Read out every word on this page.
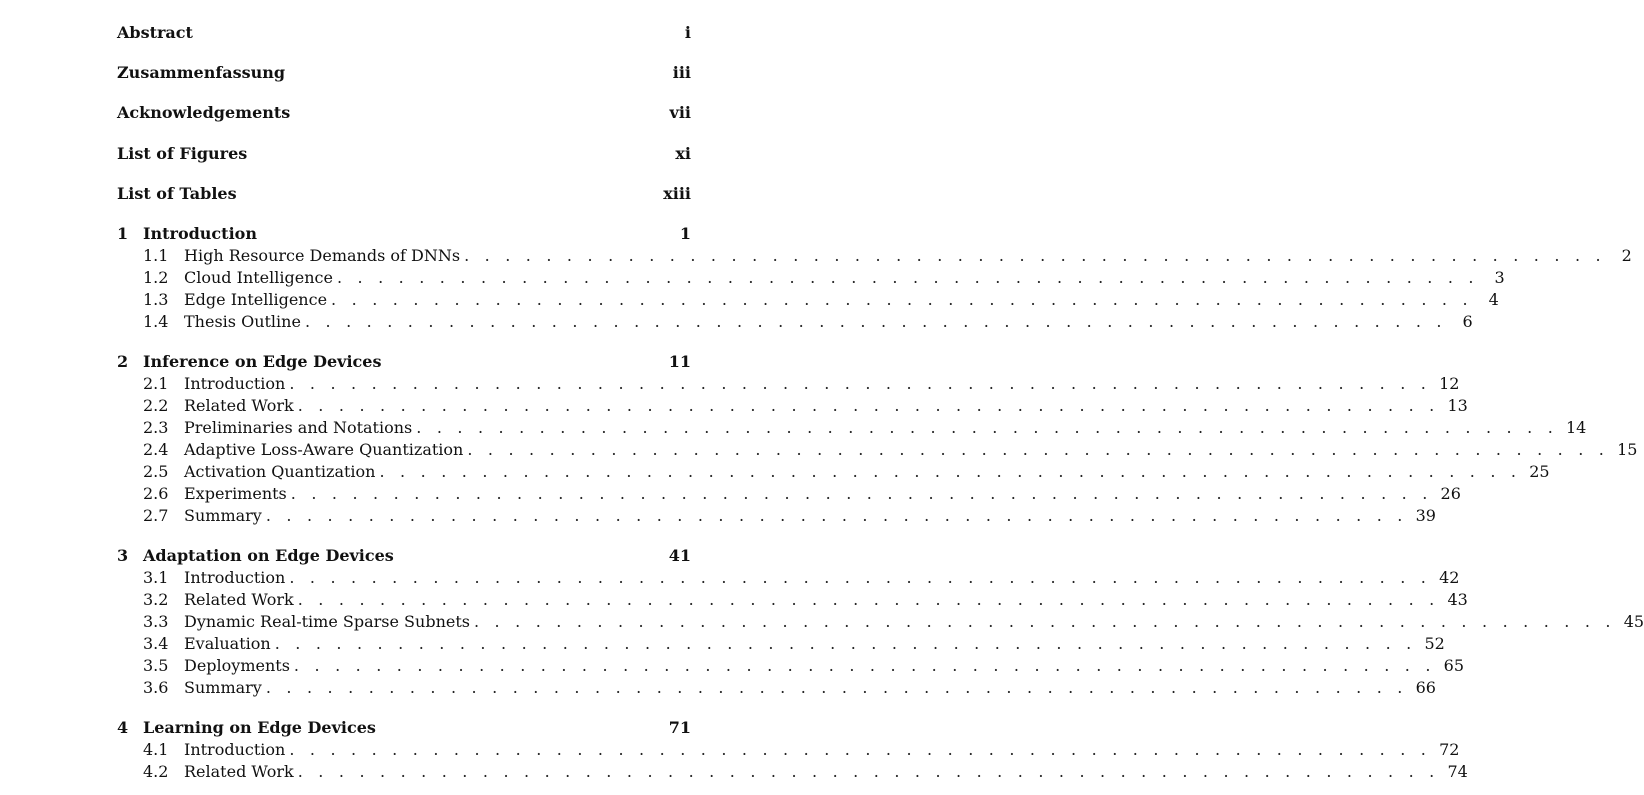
Abstract	i
Zusammenfassung	iii
Acknowledgements	vii
List of Figures	xi
List of Tables	xiii
1 Introduction	1
1.1 High Resource Demands of DNNs . . . . . . . . . . . . . . . . . . . . . . . . . . . . . . . . . . . . . . . . . . . . . . . . . . . . . . . . 2
1.2 Cloud Intelligence . . . . . . . . . . . . . . . . . . . . . . . . . . . . . . . . . . . . . . . . . . . . . . . . . . . . . . . . 3
1.3 Edge Intelligence . . . . . . . . . . . . . . . . . . . . . . . . . . . . . . . . . . . . . . . . . . . . . . . . . . . . . . . . 4
1.4 Thesis Outline . . . . . . . . . . . . . . . . . . . . . . . . . . . . . . . . . . . . . . . . . . . . . . . . . . . . . . . . 6
2 Inference on Edge Devices	11
2.1 Introduction . . . . . . . . . . . . . . . . . . . . . . . . . . . . . . . . . . . . . . . . . . . . . . . . . . . . . . . . 12
2.2 Related Work . . . . . . . . . . . . . . . . . . . . . . . . . . . . . . . . . . . . . . . . . . . . . . . . . . . . . . . . 13
2.3 Preliminaries and Notations . . . . . . . . . . . . . . . . . . . . . . . . . . . . . . . . . . . . . . . . . . . . . . . . . . . . . . . . 14
2.4 Adaptive Loss-Aware Quantization . . . . . . . . . . . . . . . . . . . . . . . . . . . . . . . . . . . . . . . . . . . . . . . . . . . . . . . . 15
2.5 Activation Quantization . . . . . . . . . . . . . . . . . . . . . . . . . . . . . . . . . . . . . . . . . . . . . . . . . . . . . . . . 25
2.6 Experiments . . . . . . . . . . . . . . . . . . . . . . . . . . . . . . . . . . . . . . . . . . . . . . . . . . . . . . . . 26
2.7 Summary . . . . . . . . . . . . . . . . . . . . . . . . . . . . . . . . . . . . . . . . . . . . . . . . . . . . . . . . 39
3 Adaptation on Edge Devices	41
3.1 Introduction . . . . . . . . . . . . . . . . . . . . . . . . . . . . . . . . . . . . . . . . . . . . . . . . . . . . . . . . 42
3.2 Related Work . . . . . . . . . . . . . . . . . . . . . . . . . . . . . . . . . . . . . . . . . . . . . . . . . . . . . . . . 43
3.3 Dynamic Real-time Sparse Subnets . . . . . . . . . . . . . . . . . . . . . . . . . . . . . . . . . . . . . . . . . . . . . . . . . . . . . . . . 45
3.4 Evaluation . . . . . . . . . . . . . . . . . . . . . . . . . . . . . . . . . . . . . . . . . . . . . . . . . . . . . . . . 52
3.5 Deployments . . . . . . . . . . . . . . . . . . . . . . . . . . . . . . . . . . . . . . . . . . . . . . . . . . . . . . . . 65
3.6 Summary . . . . . . . . . . . . . . . . . . . . . . . . . . . . . . . . . . . . . . . . . . . . . . . . . . . . . . . . 66
4 Learning on Edge Devices	71
4.1 Introduction . . . . . . . . . . . . . . . . . . . . . . . . . . . . . . . . . . . . . . . . . . . . . . . . . . . . . . . . 72
4.2 Related Work . . . . . . . . . . . . . . . . . . . . . . . . . . . . . . . . . . . . . . . . . . . . . . . . . . . . . . . . 74
